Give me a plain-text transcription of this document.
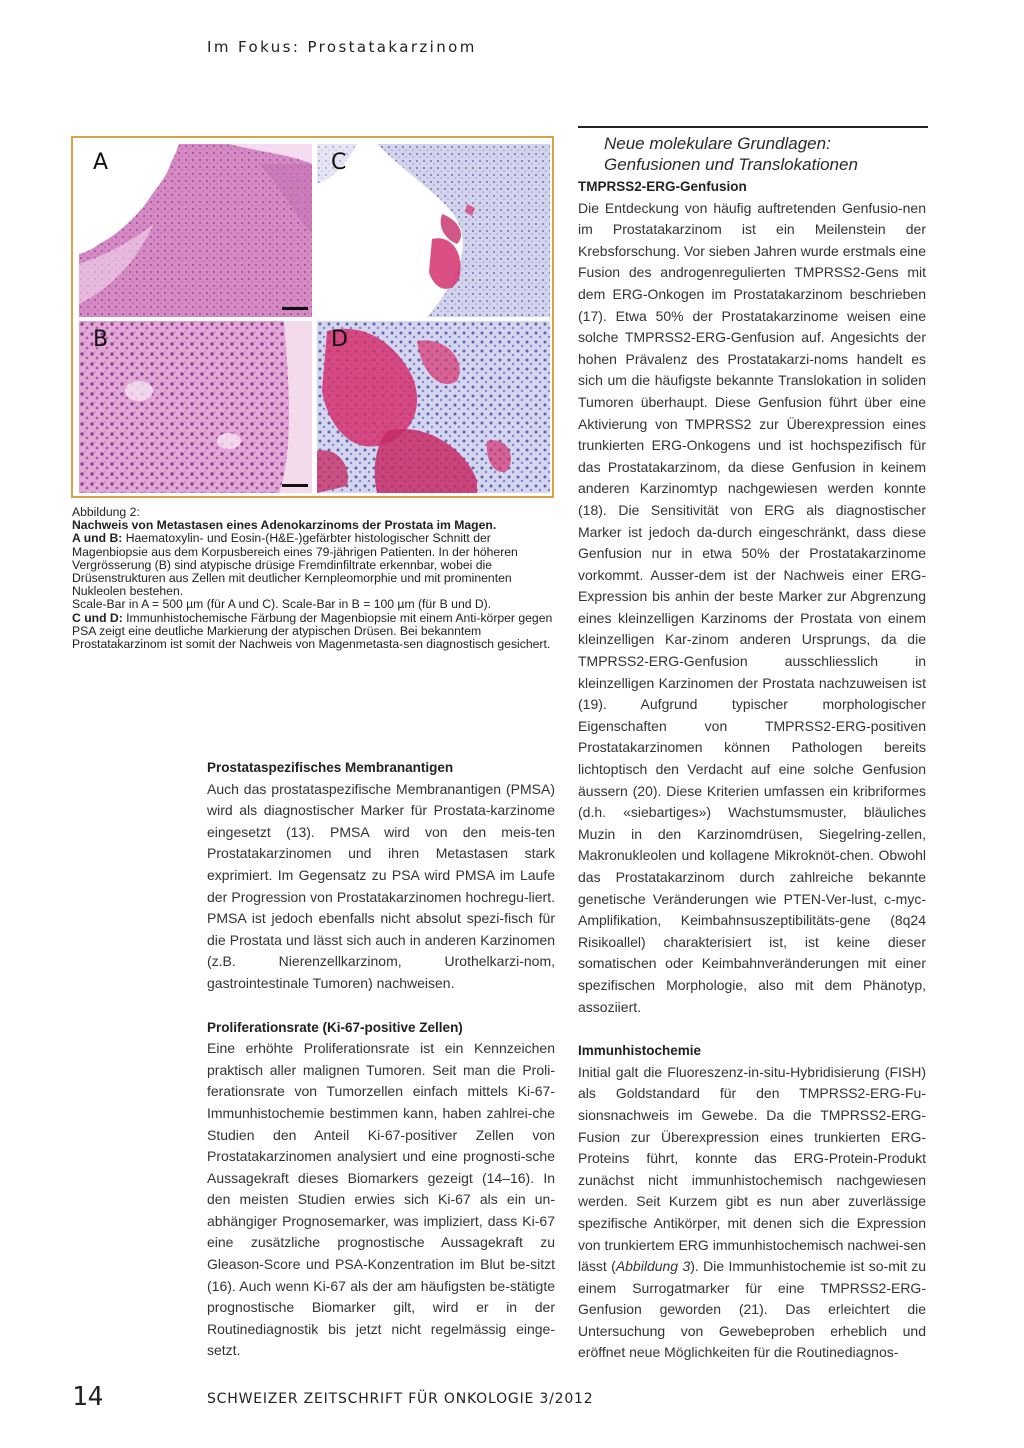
Im Fokus: Prostatakarzinom
A	C
B	D

Abbildung 2:

Nachweis von Metastasen eines Adenokarzinoms der Prostata im Magen.

A und B: Haematoxylin- und Eosin-(H&E-)gefärbter histologischer Schnitt der Magenbiopsie aus dem Korpusbereich eines 79-jährigen Patienten. In der höheren Vergrösserung (B) sind atypische drüsige Fremdinfiltrate erkennbar, wobei die Drüsenstrukturen aus Zellen mit deutlicher Kernpleomorphie und mit prominenten Nukleolen bestehen.

Scale-Bar in A = 500 µm (für A und C). Scale-Bar in B = 100 µm (für B und D).

C und D: Immunhistochemische Färbung der Magenbiopsie mit einem Anti-körper gegen PSA zeigt eine deutliche Markierung der atypischen Drüsen. Bei bekanntem Prostatakarzinom ist somit der Nachweis von Magenmetasta-sen diagnostisch gesichert.

Prostataspezifisches Membranantigen

Auch das prostataspezifische Membranantigen (PMSA) wird als diagnostischer Marker für Prostata-karzinome eingesetzt (13). PMSA wird von den meis-ten Prostatakarzinomen und ihren Metastasen stark exprimiert. Im Gegensatz zu PSA wird PMSA im Laufe der Progression von Prostatakarzinomen hochregu-liert. PMSA ist jedoch ebenfalls nicht absolut spezi-fisch für die Prostata und lässt sich auch in anderen Karzinomen (z.B. Nierenzellkarzinom, Urothelkarzi-nom, gastrointestinale Tumoren) nachweisen.

Proliferationsrate (Ki-67-positive Zellen)

Eine erhöhte Proliferationsrate ist ein Kennzeichen praktisch aller malignen Tumoren. Seit man die Proli-ferationsrate von Tumorzellen einfach mittels Ki-67-Immunhistochemie bestimmen kann, haben zahlrei-che Studien den Anteil Ki-67-positiver Zellen von Prostatakarzinomen analysiert und eine prognosti-sche Aussagekraft dieses Biomarkers gezeigt (14–16). In den meisten Studien erwies sich Ki-67 als ein un-abhängiger Prognosemarker, was impliziert, dass Ki-67 eine zusätzliche prognostische Aussagekraft zu Gleason-Score und PSA-Konzentration im Blut be-sitzt (16). Auch wenn Ki-67 als der am häufigsten be-stätigte prognostische Biomarker gilt, wird er in der Routinediagnostik bis jetzt nicht regelmässig einge-setzt.

Neue molekulare Grundlagen:
Genfusionen und Translokationen
TMPRSS2-ERG-Genfusion

Die Entdeckung von häufig auftretenden Genfusio-nen im Prostatakarzinom ist ein Meilenstein der Krebsforschung. Vor sieben Jahren wurde erstmals eine Fusion des androgenregulierten TMPRSS2-Gens mit dem ERG-Onkogen im Prostatakarzinom beschrieben (17). Etwa 50% der Prostatakarzinome weisen eine solche TMPRSS2-ERG-Genfusion auf. Angesichts der hohen Prävalenz des Prostatakarzi-noms handelt es sich um die häufigste bekannte Translokation in soliden Tumoren überhaupt. Diese Genfusion führt über eine Aktivierung von TMPRSS2 zur Überexpression eines trunkierten ERG-Onkogens und ist hochspezifisch für das Prostatakarzinom, da diese Genfusion in keinem anderen Karzinomtyp nachgewiesen werden konnte (18). Die Sensitivität von ERG als diagnostischer Marker ist jedoch da-durch eingeschränkt, dass diese Genfusion nur in etwa 50% der Prostatakarzinome vorkommt. Ausser-dem ist der Nachweis einer ERG-Expression bis anhin der beste Marker zur Abgrenzung eines kleinzelligen Karzinoms der Prostata von einem kleinzelligen Kar-zinom anderen Ursprungs, da die TMPRSS2-ERG-Genfusion ausschliesslich in kleinzelligen Karzinomen der Prostata nachzuweisen ist (19). Aufgrund typischer morphologischer Eigenschaften von TMPRSS2-ERG-positiven Prostatakarzinomen können Pathologen bereits lichtoptisch den Verdacht auf eine solche Genfusion äussern (20). Diese Kriterien umfassen ein kribriformes (d.h. «siebartiges») Wachstumsmuster, bläuliches Muzin in den Karzinomdrüsen, Siegelring-zellen, Makronukleolen und kollagene Mikroknöt-chen. Obwohl das Prostatakarzinom durch zahlreiche bekannte genetische Veränderungen wie PTEN-Ver-lust, c-myc-Amplifikation, Keimbahnsuszeptibilitäts-gene (8q24 Risikoallel) charakterisiert ist, ist keine dieser somatischen oder Keimbahnveränderungen mit einer spezifischen Morphologie, also mit dem Phänotyp, assoziiert.

Immunhistochemie

Initial galt die Fluoreszenz-in-situ-Hybridisierung (FISH) als Goldstandard für den TMPRSS2-ERG-Fu-sionsnachweis im Gewebe. Da die TMPRSS2-ERG-Fusion zur Überexpression eines trunkierten ERG-Proteins führt, konnte das ERG-Protein-Produkt zunächst nicht immunhistochemisch nachgewiesen werden. Seit Kurzem gibt es nun aber zuverlässige spezifische Antikörper, mit denen sich die Expression von trunkiertem ERG immunhistochemisch nachwei-sen lässt (Abbildung 3). Die Immunhistochemie ist so-mit zu einem Surrogatmarker für eine TMPRSS2-ERG-Genfusion geworden (21). Das erleichtert die Untersuchung von Gewebeproben erheblich und eröffnet neue Möglichkeiten für die Routinediagnos-

14	SCHWEIZER ZEITSCHRIFT FÜR ONKOLOGIE 3/2012
